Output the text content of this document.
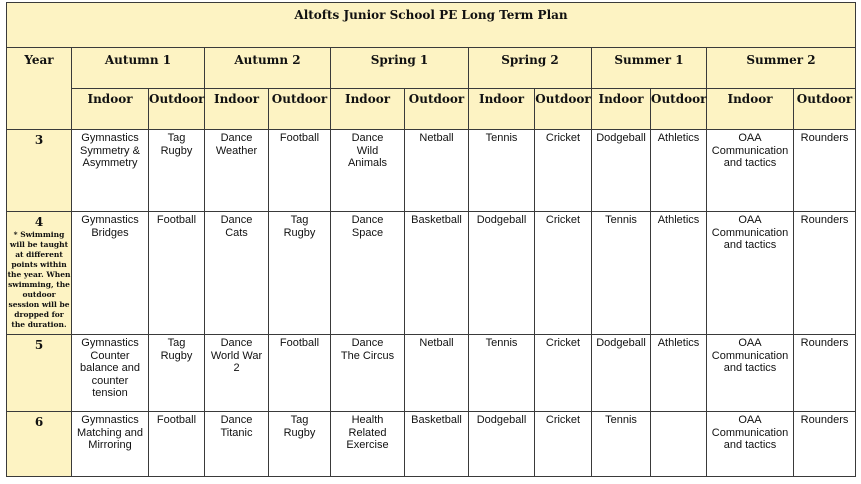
Altofts Junior School PE Long Term Plan												
Year	Autumn 1		Autumn 2		Spring 1		Spring 2		Summer 1		Summer 2	
	Indoor	Outdoor	Indoor	Outdoor	Indoor	Outdoor	Indoor	Outdoor	Indoor	Outdoor	Indoor	Outdoor
3	Gymnastics
Symmetry &
Asymmetry	Tag
Rugby	Dance
Weather	Football	Dance
Wild
Animals	Netball	Tennis	Cricket	Dodgeball	Athletics	OAA
Communication
and tactics	Rounders
4
* Swimming will be taught at different points within the year. When swimming, the outdoor session will be dropped for the duration.	Gymnastics
Bridges	Football	Dance
Cats	Tag
Rugby	Dance
Space	Basketball	Dodgeball	Cricket	Tennis	Athletics	OAA
Communication
and tactics	Rounders
5	Gymnastics
Counter
balance and
counter
tension	Tag
Rugby	Dance
World War
2	Football	Dance
The Circus	Netball	Tennis	Cricket	Dodgeball	Athletics	OAA
Communication
and tactics	Rounders
6	Gymnastics
Matching and
Mirroring	Football	Dance
Titanic	Tag
Rugby	Health
Related
Exercise	Basketball	Dodgeball	Cricket	Tennis		OAA
Communication
and tactics	Rounders
